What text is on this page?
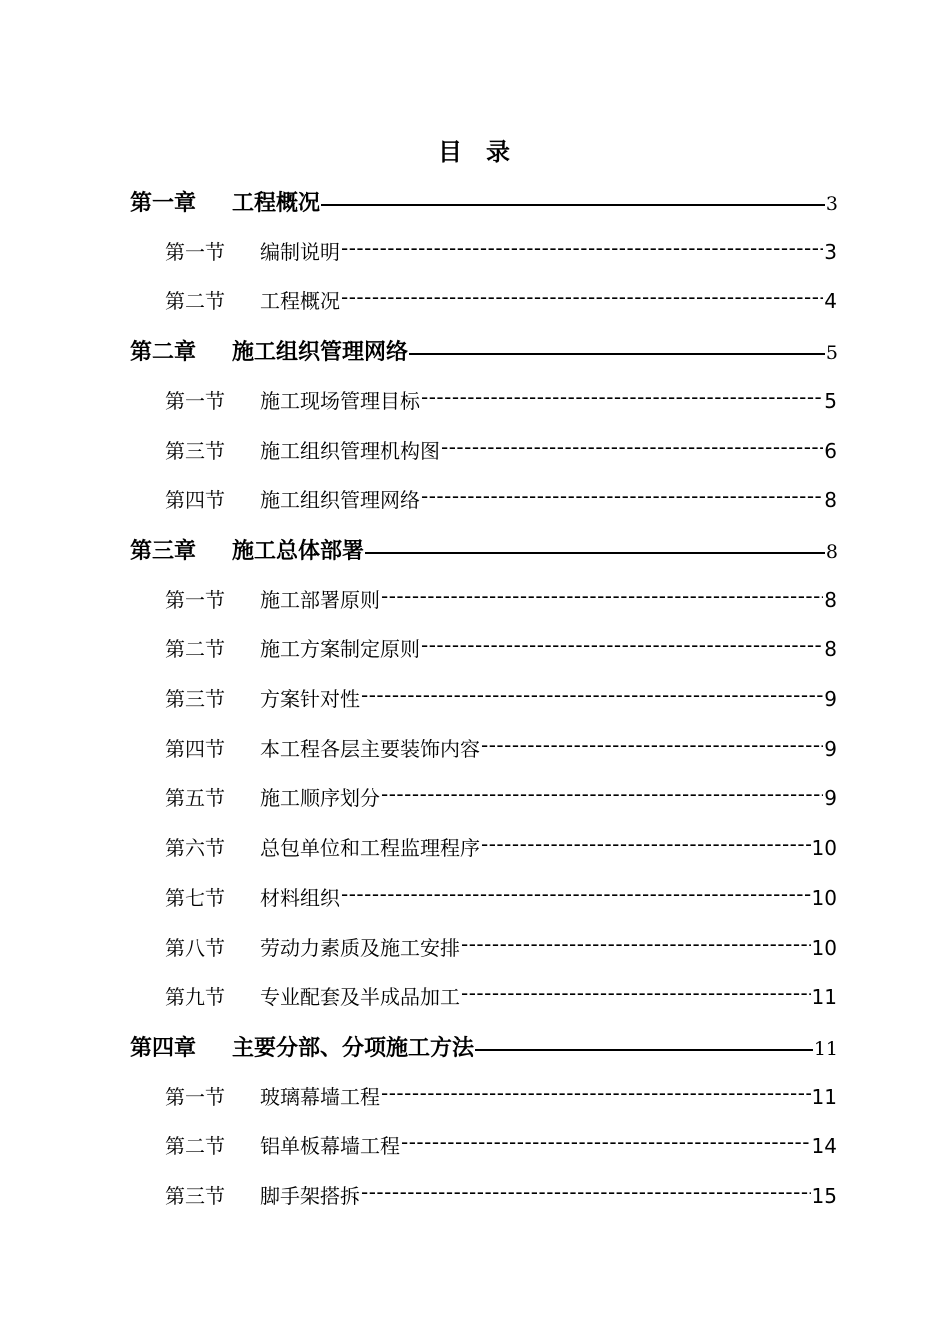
目 录
第一章	工程概况	3
第一节	编制说明 -----	3
第二节	工程概况 -----	4
第二章	施工组织管理网络	5
第一节	施工现场管理目标 -----	5
第三节	施工组织管理机构图 -----	6
第四节	施工组织管理网络 -----	8
第三章	施工总体部署	8
第一节	施工部署原则 -----	8
第二节	施工方案制定原则 -----	8
第三节	方案针对性 -----	9
第四节	本工程各层主要装饰内容 -----	9
第五节	施工顺序划分 -----	9
第六节	总包单位和工程监理程序 -----	10
第七节	材料组织 -----	10
第八节	劳动力素质及施工安排 -----	10
第九节	专业配套及半成品加工 -----	11
第四章	主要分部、分项施工方法	11
第一节	玻璃幕墙工程 -----	11
第二节	铝单板幕墙工程 -----	14
第三节	脚手架搭拆 -----	15
